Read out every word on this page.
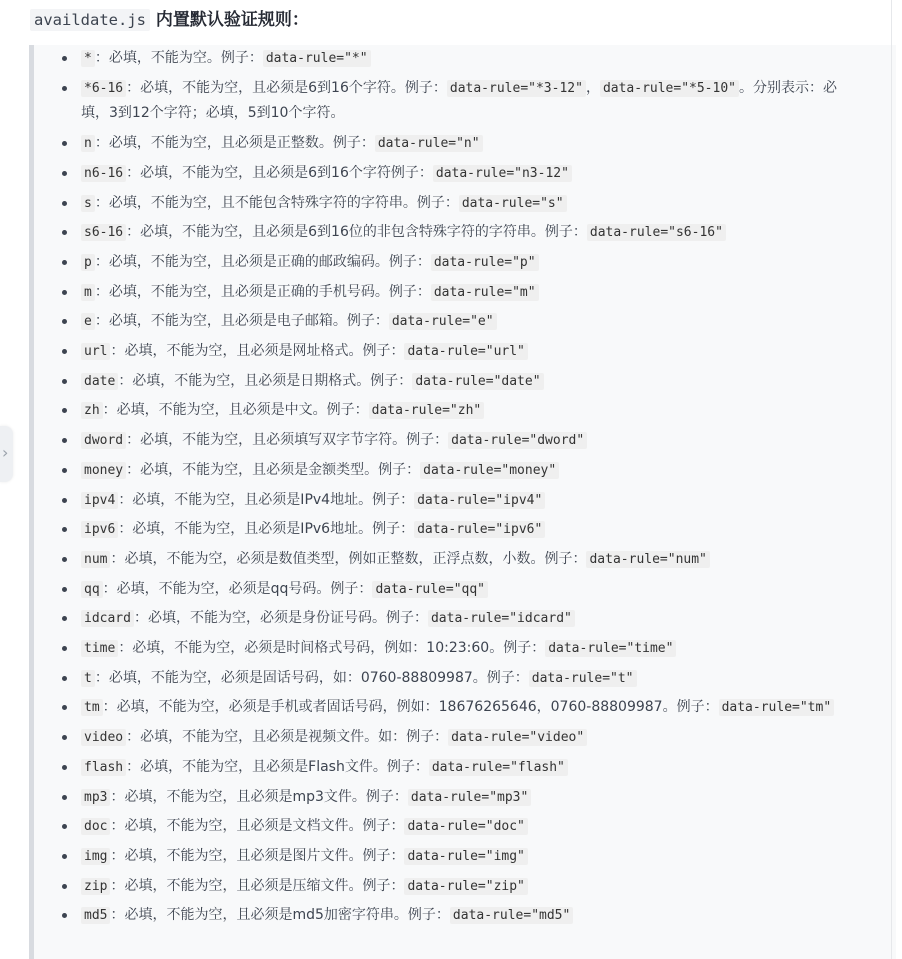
›
availdate.js 内置默认验证规则：
* ：必填，不能为空。例子： data-rule="*"
*6-16 ：必填，不能为空，且必须是6到16个字符。例子： data-rule="*3-12" ， data-rule="*5-10" 。分别表示：必填，3到12个字符；必填，5到10个字符。
n ：必填，不能为空，且必须是正整数。例子： data-rule="n"
n6-16 ：必填，不能为空，且必须是6到16个字符例子： data-rule="n3-12"
s ：必填，不能为空，且不能包含特殊字符的字符串。例子： data-rule="s"
s6-16 ：必填，不能为空，且必须是6到16位的非包含特殊字符的字符串。例子： data-rule="s6-16"
p ：必填，不能为空，且必须是正确的邮政编码。例子： data-rule="p"
m ：必填，不能为空，且必须是正确的手机号码。例子： data-rule="m"
e ：必填，不能为空，且必须是电子邮箱。例子： data-rule="e"
url ：必填，不能为空，且必须是网址格式。例子： data-rule="url"
date ：必填，不能为空，且必须是日期格式。例子： data-rule="date"
zh ：必填，不能为空，且必须是中文。例子： data-rule="zh"
dword ：必填，不能为空，且必须填写双字节字符。例子： data-rule="dword"
money ：必填，不能为空，且必须是金额类型。例子： data-rule="money"
ipv4 ：必填，不能为空，且必须是IPv4地址。例子： data-rule="ipv4"
ipv6 ：必填，不能为空，且必须是IPv6地址。例子： data-rule="ipv6"
num ：必填，不能为空，必须是数值类型，例如正整数，正浮点数，小数。例子： data-rule="num"
qq ：必填，不能为空，必须是qq号码。例子： data-rule="qq"
idcard ：必填，不能为空，必须是身份证号码。例子： data-rule="idcard"
time ：必填，不能为空，必须是时间格式号码，例如：10:23:60。例子： data-rule="time"
t ：必填，不能为空，必须是固话号码，如：0760-88809987。例子： data-rule="t"
tm ：必填，不能为空，必须是手机或者固话号码，例如：18676265646，0760-88809987。例子： data-rule="tm"
video ：必填，不能为空，且必须是视频文件。如：例子： data-rule="video"
flash ：必填，不能为空，且必须是Flash文件。例子： data-rule="flash"
mp3 ：必填，不能为空，且必须是mp3文件。例子： data-rule="mp3"
doc ：必填，不能为空，且必须是文档文件。例子： data-rule="doc"
img ：必填，不能为空，且必须是图片文件。例子： data-rule="img"
zip ：必填，不能为空，且必须是压缩文件。例子： data-rule="zip"
md5 ：必填，不能为空，且必须是md5加密字符串。例子： data-rule="md5"
